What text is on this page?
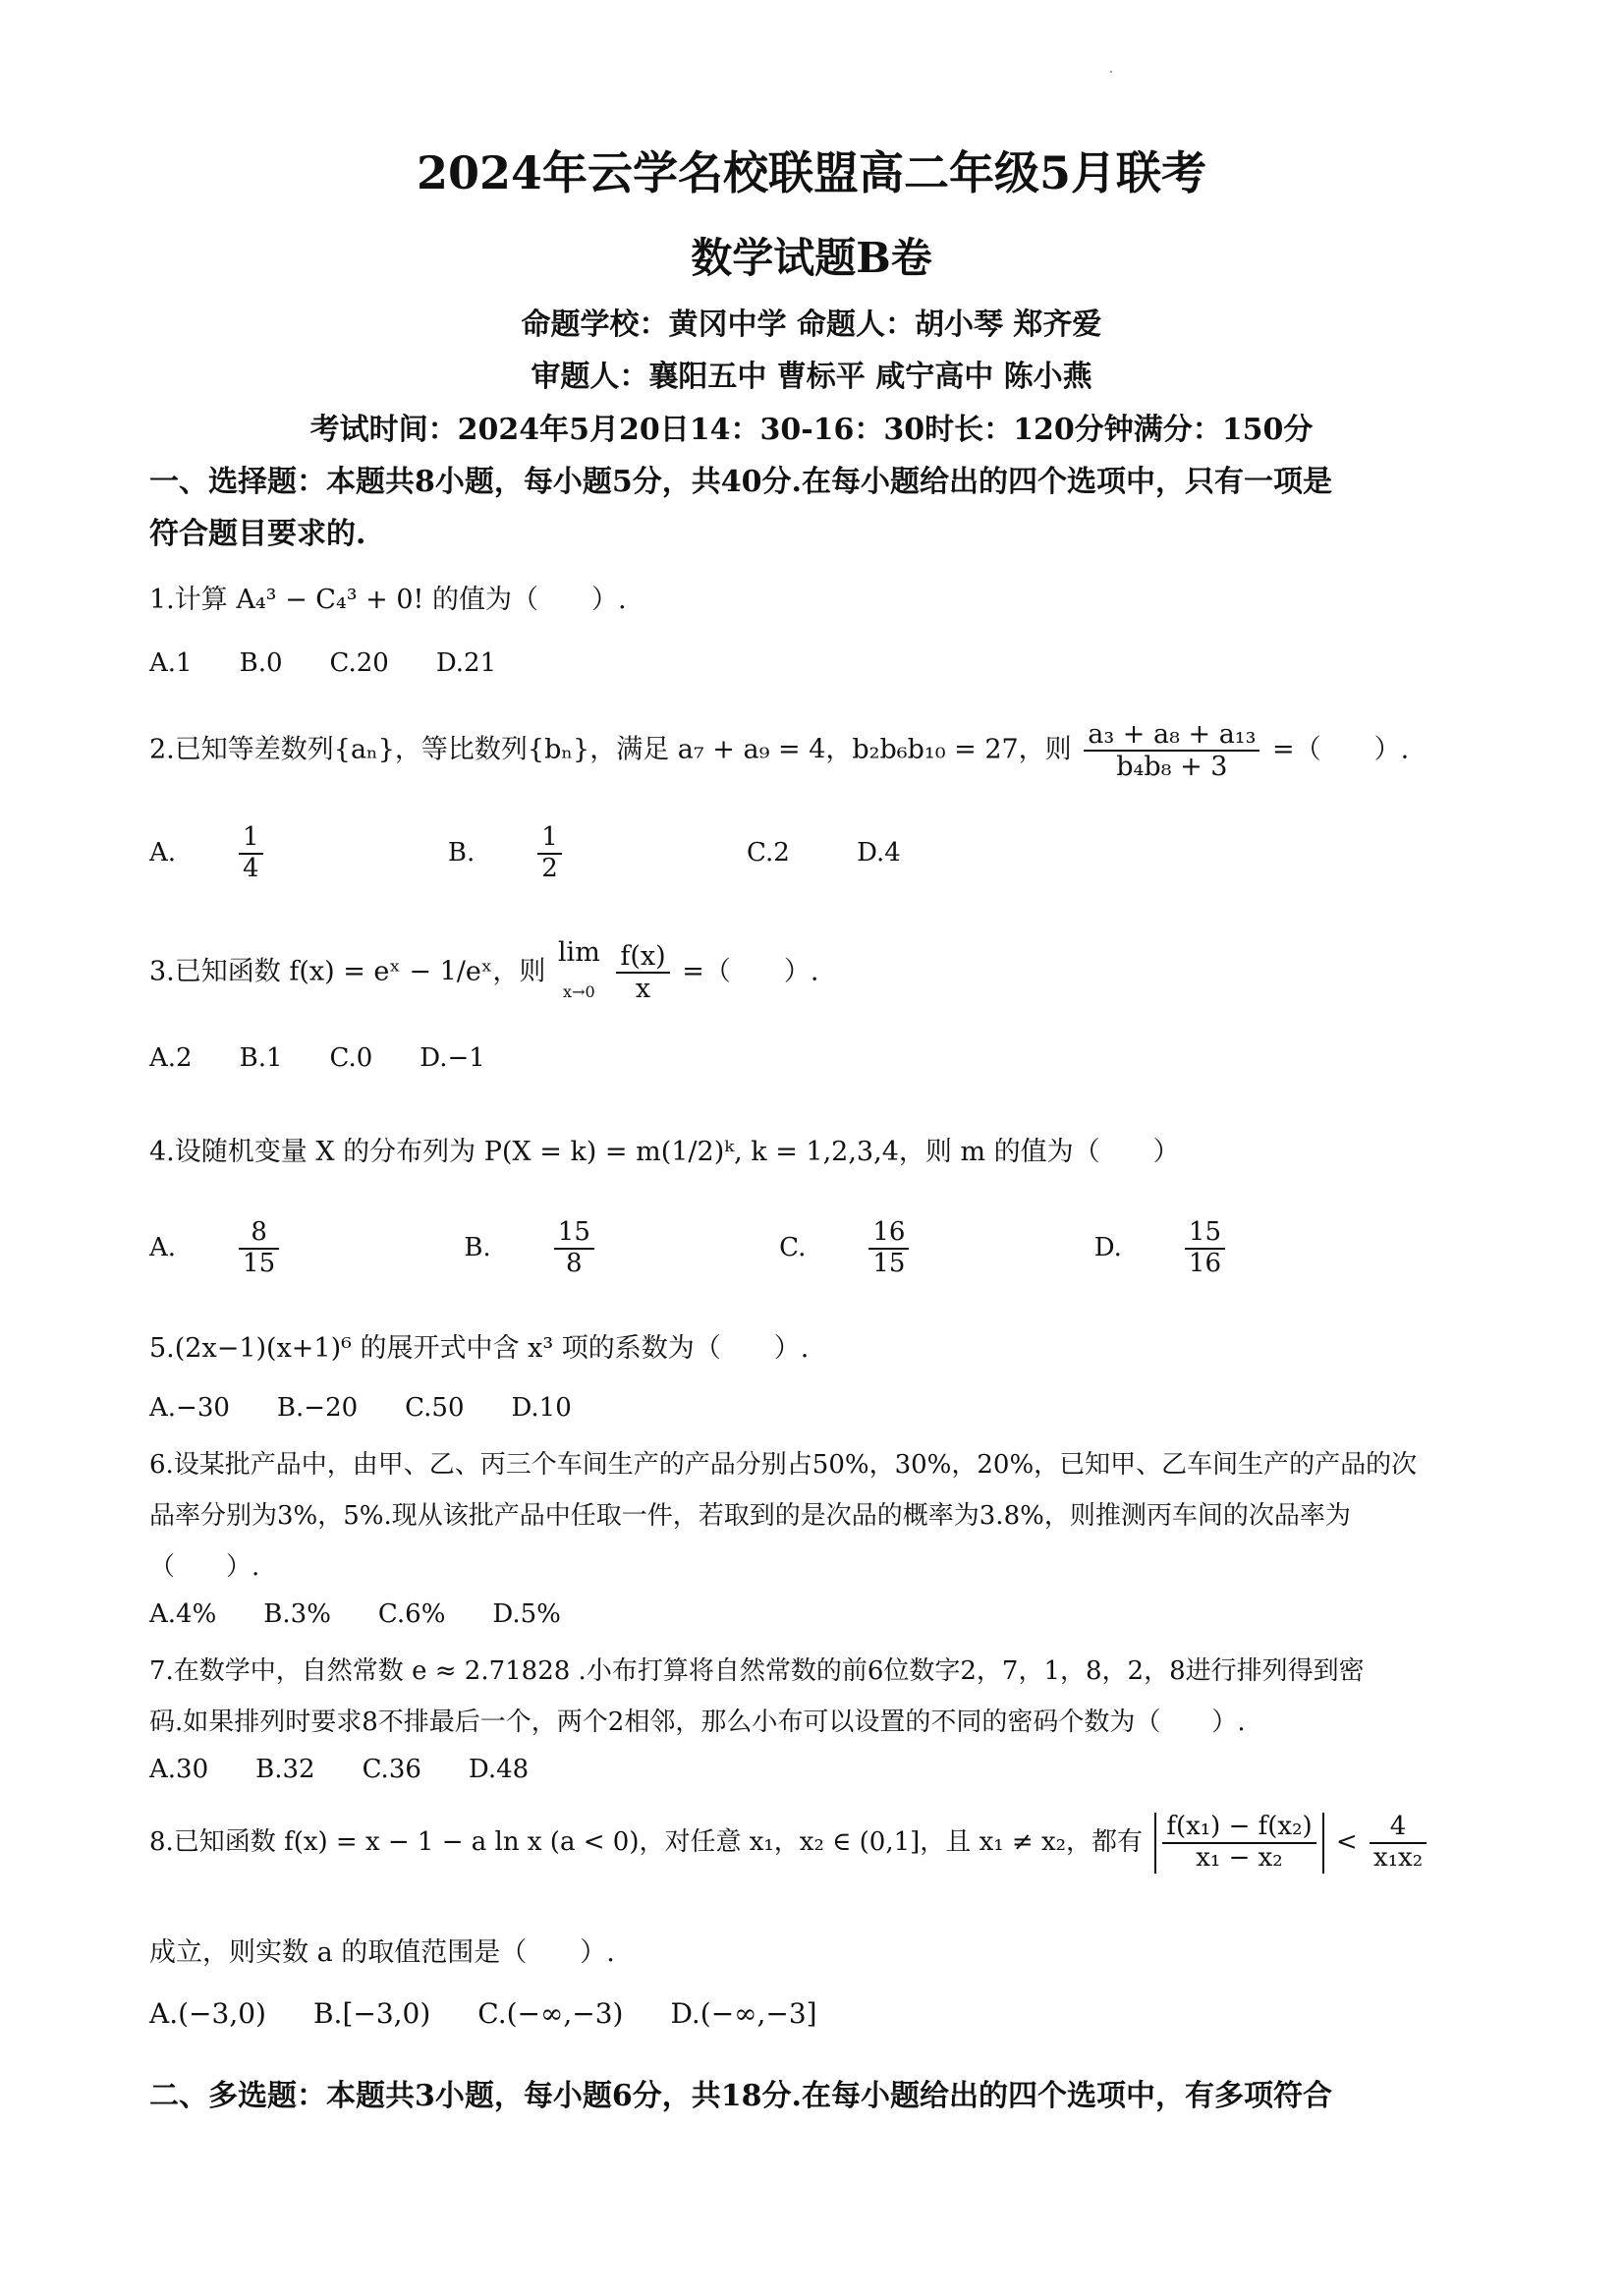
2024年云学名校联盟高二年级5月联考
数学试题B卷
命题学校：黄冈中学 命题人：胡小琴 郑齐爱
审题人：襄阳五中 曹标平 咸宁高中 陈小燕
考试时间：2024年5月20日14：30-16：30时长：120分钟满分：150分
一、选择题：本题共8小题，每小题5分，共40分.在每小题给出的四个选项中，只有一项是
符合题目要求的.
1.计算 A₄³ − C₄³ + 0! 的值为（　　）.
A.1 B.0 C.20 D.21
2.已知等差数列{aₙ}，等比数列{bₙ}，满足 a₇ + a₉ = 4，b₂b₆b₁₀ = 27，则 $\frac{\text{a₃ + a₈ + a₁₃}}{\text{b₄b₈ + 3}}$ =（　　）.
A. $\frac{1}{4}$	B. $\frac{1}{2}$	C.2	D.4
3.已知函数 f(x) = eˣ − 1/eˣ，则
lim
x→0
$\frac{f(x)}{x}$ =（　　）.
A.2 B.1 C.0 D.−1
4.设随机变量 X 的分布列为 P(X = k) = m(1/2)ᵏ, k = 1,2,3,4，则 m 的值为（　　）
A. $\frac{8}{15}$	B. $\frac{15}{8}$	C. $\frac{16}{15}$	D. $\frac{15}{16}$
5.(2x−1)(x+1)⁶ 的展开式中含 x³ 项的系数为（　　）.
A.−30 B.−20 C.50 D.10
6.设某批产品中，由甲、乙、丙三个车间生产的产品分别占50%，30%，20%，已知甲、乙车间生产的产品的次
品率分别为3%，5%.现从该批产品中任取一件，若取到的是次品的概率为3.8%，则推测丙车间的次品率为
（　　）.
A.4% B.3% C.6% D.5%
7.在数学中，自然常数 e ≈ 2.71828 .小布打算将自然常数的前6位数字2，7，1，8，2，8进行排列得到密
码.如果排列时要求8不排最后一个，两个2相邻，那么小布可以设置的不同的密码个数为（　　）.
A.30 B.32 C.36 D.48
8.已知函数 f(x) = x − 1 − a ln x (a < 0)，对任意 x₁，x₂ ∈ (0,1]，且 x₁ ≠ x₂，都有 $\frac{\text{f(x₁) − f(x₂)}}{\text{x₁ − x₂}} < \frac{4}{\text{x₁x₂}}$
成立，则实数 a 的取值范围是（　　）.
A.(−3,0) B.[−3,0) C.(−∞,−3) D.(−∞,−3]
二、多选题：本题共3小题，每小题6分，共18分.在每小题给出的四个选项中，有多项符合
